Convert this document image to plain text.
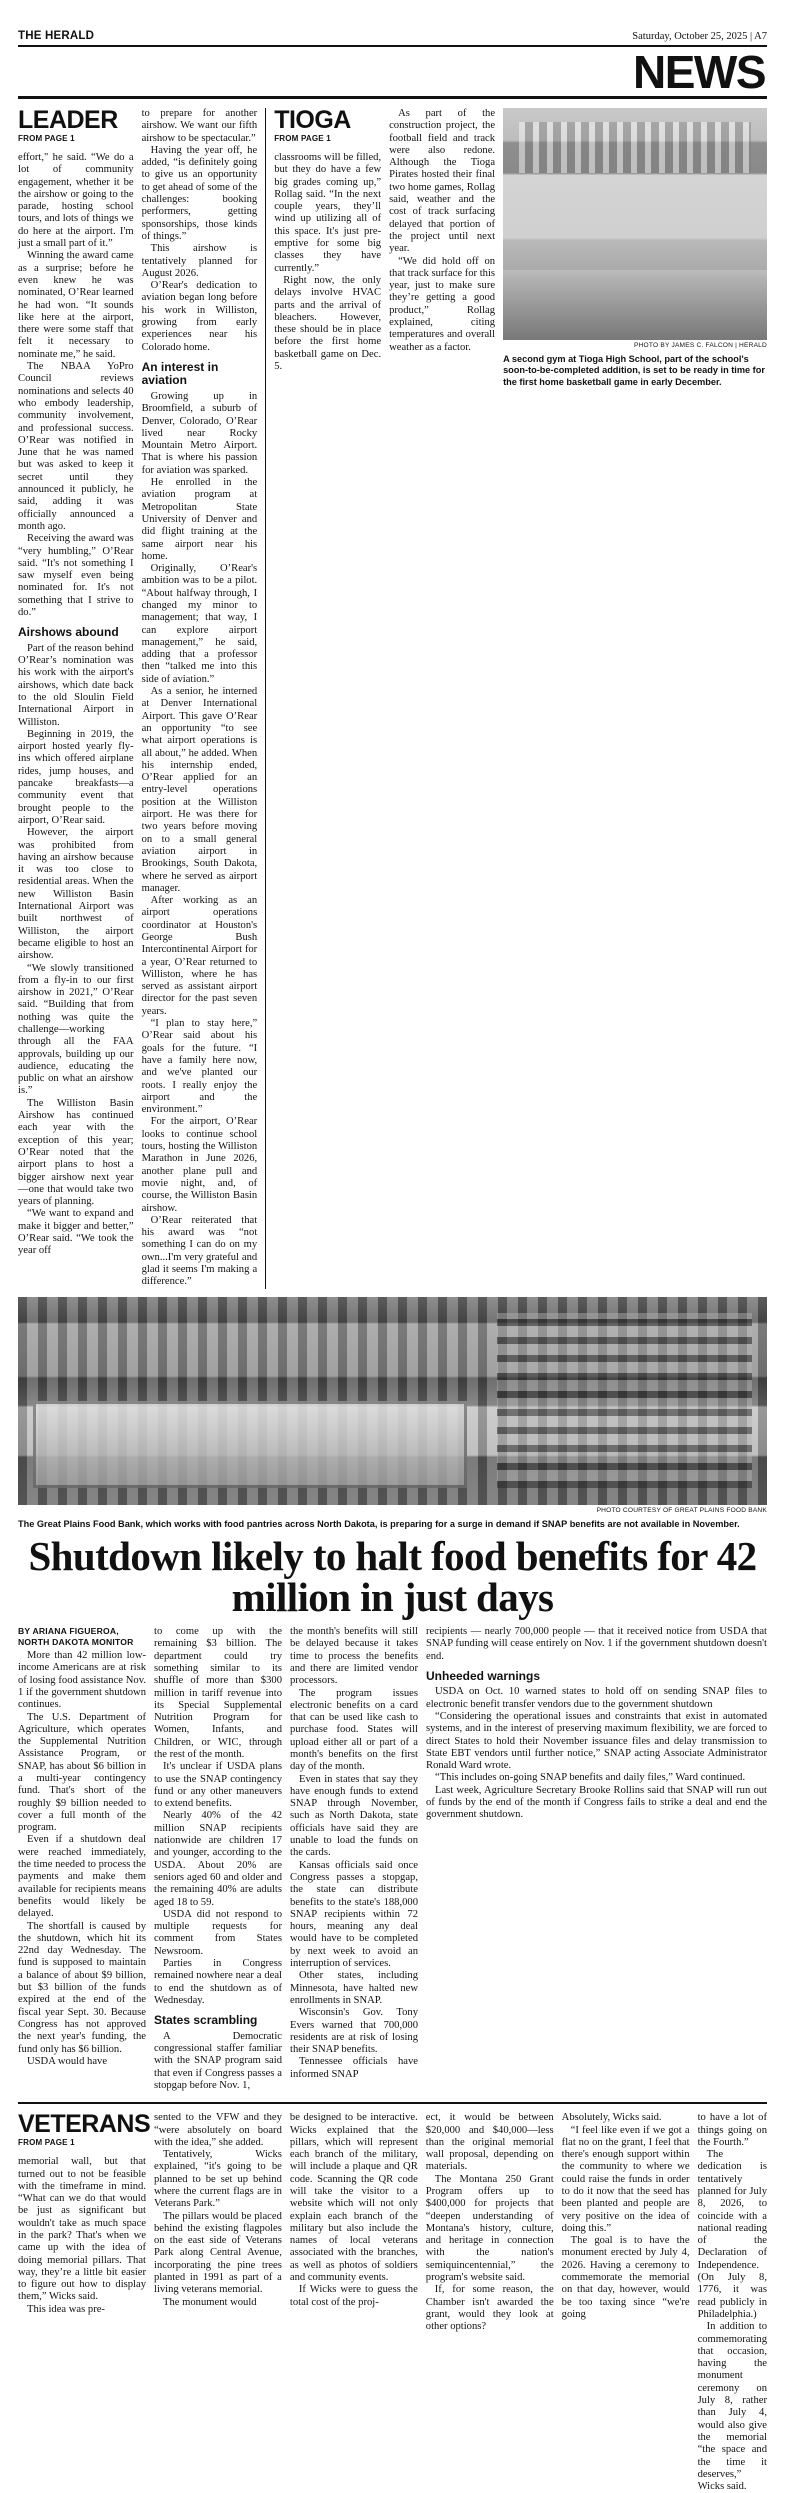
THE HERALD	Saturday, October 25, 2025 | A7
NEWS
LEADER
FROM PAGE 1

effort," he said. “We do a lot of community engagement, whether it be the airshow or going to the parade, hosting school tours, and lots of things we do here at the airport. I'm just a small part of it.”

Winning the award came as a surprise; before he even knew he was nominated, O’Rear learned he had won. “It sounds like here at the airport, there were some staff that felt it necessary to nominate me,” he said.

The NBAA YoPro Council reviews nominations and selects 40 who embody leadership, community involvement, and professional success. O’Rear was notified in June that he was named but was asked to keep it secret until they announced it publicly, he said, adding it was officially announced a month ago.

Receiving the award was “very humbling,” O’Rear said. “It's not something I saw myself even being nominated for. It's not something that I strive to do.”

Airshows abound

Part of the reason behind O’Rear’s nomination was his work with the airport's airshows, which date back to the old Sloulin Field International Airport in Williston.

Beginning in 2019, the airport hosted yearly fly-ins which offered airplane rides, jump houses, and pancake breakfasts—a community event that brought people to the airport, O’Rear said.

However, the airport was prohibited from having an airshow because it was too close to residential areas. When the new Williston Basin International Airport was built northwest of Williston, the airport became eligible to host an airshow.

“We slowly transitioned from a fly-in to our first airshow in 2021,” O’Rear said. “Building that from nothing was quite the challenge—working through all the FAA approvals, building up our audience, educating the public on what an airshow is.”

The Williston Basin Airshow has continued each year with the exception of this year; O’Rear noted that the airport plans to host a bigger airshow next year—one that would take two years of planning.

“We want to expand and make it bigger and better,” O’Rear said. “We took the year off

to prepare for another airshow. We want our fifth airshow to be spectacular.”

Having the year off, he added, “is definitely going to give us an opportunity to get ahead of some of the challenges: booking performers, getting sponsorships, those kinds of things.”

This airshow is tentatively planned for August 2026.

O’Rear's dedication to aviation began long before his work in Williston, growing from early experiences near his Colorado home.

An interest in aviation

Growing up in Broomfield, a suburb of Denver, Colorado, O’Rear lived near Rocky Mountain Metro Airport. That is where his passion for aviation was sparked.

He enrolled in the aviation program at Metropolitan State University of Denver and did flight training at the same airport near his home.

Originally, O’Rear's ambition was to be a pilot. “About halfway through, I changed my minor to management; that way, I can explore airport management,” he said, adding that a professor then “talked me into this side of aviation.”

As a senior, he interned at Denver International Airport. This gave O’Rear an opportunity “to see what airport operations is all about,” he added. When his internship ended, O’Rear applied for an entry-level operations position at the Williston airport. He was there for two years before moving on to a small general aviation airport in Brookings, South Dakota, where he served as airport manager.

After working as an airport operations coordinator at Houston's George Bush Intercontinental Airport for a year, O’Rear returned to Williston, where he has served as assistant airport director for the past seven years.

“I plan to stay here,” O’Rear said about his goals for the future. “I have a family here now, and we've planted our roots. I really enjoy the airport and the environment.”

For the airport, O’Rear looks to continue school tours, hosting the Williston Marathon in June 2026, another plane pull and movie night, and, of course, the Williston Basin airshow.

O’Rear reiterated that his award was “not something I can do on my own...I'm very grateful and glad it seems I'm making a difference.”

TIOGA
FROM PAGE 1

classrooms will be filled, but they do have a few big grades coming up,” Rollag said. “In the next couple years, they’ll wind up utilizing all of this space. It's just pre-emptive for some big classes they have currently.”

Right now, the only delays involve HVAC parts and the arrival of bleachers. However, these should be in place before the first home basketball game on Dec. 5.

As part of the construction project, the football field and track were also redone. Although the Tioga Pirates hosted their final two home games, Rollag said, weather and the cost of track surfacing delayed that portion of the project until next year.

“We did hold off on that track surface for this year, just to make sure they’re getting a good product,” Rollag explained, citing temperatures and overall weather as a factor.	PHOTO BY JAMES C. FALCON | HERALD
A second gym at Tioga High School, part of the school's soon-to-be-completed addition, is set to be ready in time for the first home basketball game in early December.
PHOTO COURTESY OF GREAT PLAINS FOOD BANK
The Great Plains Food Bank, which works with food pantries across North Dakota, is preparing for a surge in demand if SNAP benefits are not available in November.
Shutdown likely to halt food benefits for 42 million in just days
BY ARIANA FIGUEROA, NORTH DAKOTA MONITOR

More than 42 million low-income Americans are at risk of losing food assistance Nov. 1 if the government shutdown continues.

The U.S. Department of Agriculture, which operates the Supplemental Nutrition Assistance Program, or SNAP, has about $6 billion in a multi-year contingency fund. That's short of the roughly $9 billion needed to cover a full month of the program.

Even if a shutdown deal were reached immediately, the time needed to process the payments and make them available for recipients means benefits would likely be delayed.

The shortfall is caused by the shutdown, which hit its 22nd day Wednesday. The fund is supposed to maintain a balance of about $9 billion, but $3 billion of the funds expired at the end of the fiscal year Sept. 30. Because Congress has not approved the next year's funding, the fund only has $6 billion.

USDA would have

to come up with the remaining $3 billion. The department could try something similar to its shuffle of more than $300 million in tariff revenue into its Special Supplemental Nutrition Program for Women, Infants, and Children, or WIC, through the rest of the month.

It's unclear if USDA plans to use the SNAP contingency fund or any other maneuvers to extend benefits.

Nearly 40% of the 42 million SNAP recipients nationwide are children 17 and younger, according to the USDA. About 20% are seniors aged 60 and older and the remaining 40% are adults aged 18 to 59.

USDA did not respond to multiple requests for comment from States Newsroom.

Parties in Congress remained nowhere near a deal to end the shutdown as of Wednesday.

States scrambling

A Democratic congressional staffer familiar with the SNAP program said that even if Congress passes a stopgap before Nov. 1,

the month's benefits will still be delayed because it takes time to process the benefits and there are limited vendor processors.

The program issues electronic benefits on a card that can be used like cash to purchase food. States will upload either all or part of a month's benefits on the first day of the month.

Even in states that say they have enough funds to extend SNAP through November, such as North Dakota, state officials have said they are unable to load the funds on the cards.

Kansas officials said once Congress passes a stopgap, the state can distribute benefits to the state's 188,000 SNAP recipients within 72 hours, meaning any deal would have to be completed by next week to avoid an interruption of services.

Other states, including Minnesota, have halted new enrollments in SNAP.

Wisconsin's Gov. Tony Evers warned that 700,000 residents are at risk of losing their SNAP benefits.

Tennessee officials have informed SNAP

recipients — nearly 700,000 people — that it received notice from USDA that SNAP funding will cease entirely on Nov. 1 if the government shutdown doesn't end.

Unheeded warnings

USDA on Oct. 10 warned states to hold off on sending SNAP files to electronic benefit transfer vendors due to the government shutdown

“Considering the operational issues and constraints that exist in automated systems, and in the interest of preserving maximum flexibility, we are forced to direct States to hold their November issuance files and delay transmission to State EBT vendors until further notice,” SNAP acting Associate Administrator Ronald Ward wrote.

“This includes on-going SNAP benefits and daily files,” Ward continued.

Last week, Agriculture Secretary Brooke Rollins said that SNAP will run out of funds by the end of the month if Congress fails to strike a deal and end the government shutdown.

VETERANS
FROM PAGE 1

memorial wall, but that turned out to not be feasible with the timeframe in mind. “What can we do that would be just as significant but wouldn't take as much space in the park? That's when we came up with the idea of doing memorial pillars. That way, they’re a little bit easier to figure out how to display them,” Wicks said.

This idea was pre-

sented to the VFW and they “were absolutely on board with the idea,” she added.

Tentatively, Wicks explained, “it's going to be planned to be set up behind where the current flags are in Veterans Park.”

The pillars would be placed behind the existing flagpoles on the east side of Veterans Park along Central Avenue, incorporating the pine trees planted in 1991 as part of a living veterans memorial.

The monument would

be designed to be interactive. Wicks explained that the pillars, which will represent each branch of the military, will include a plaque and QR code. Scanning the QR code will take the visitor to a website which will not only explain each branch of the military but also include the names of local veterans associated with the branches, as well as photos of soldiers and community events.

If Wicks were to guess the total cost of the proj-

ect, it would be between $20,000 and $40,000—less than the original memorial wall proposal, depending on materials.

The Montana 250 Grant Program offers up to $400,000 for projects that “deepen understanding of Montana's history, culture, and heritage in connection with the nation's semiquincentennial,” the program's website said.

If, for some reason, the Chamber isn't awarded the grant, would they look at other options?

Absolutely, Wicks said.

“I feel like even if we got a flat no on the grant, I feel that there's enough support within the community to where we could raise the funds in order to do it now that the seed has been planted and people are very positive on the idea of doing this.”

The goal is to have the monument erected by July 4, 2026. Having a ceremony to commemorate the memorial on that day, however, would be too taxing since “we're going

to have a lot of things going on the Fourth.”

The dedication is tentatively planned for July 8, 2026, to coincide with a national reading of the Declaration of Independence. (On July 8, 1776, it was read publicly in Philadelphia.)

In addition to commemorating that occasion, having the monument ceremony on July 8, rather than July 4, would also give the memorial “the space and the time it deserves,” Wicks said.
